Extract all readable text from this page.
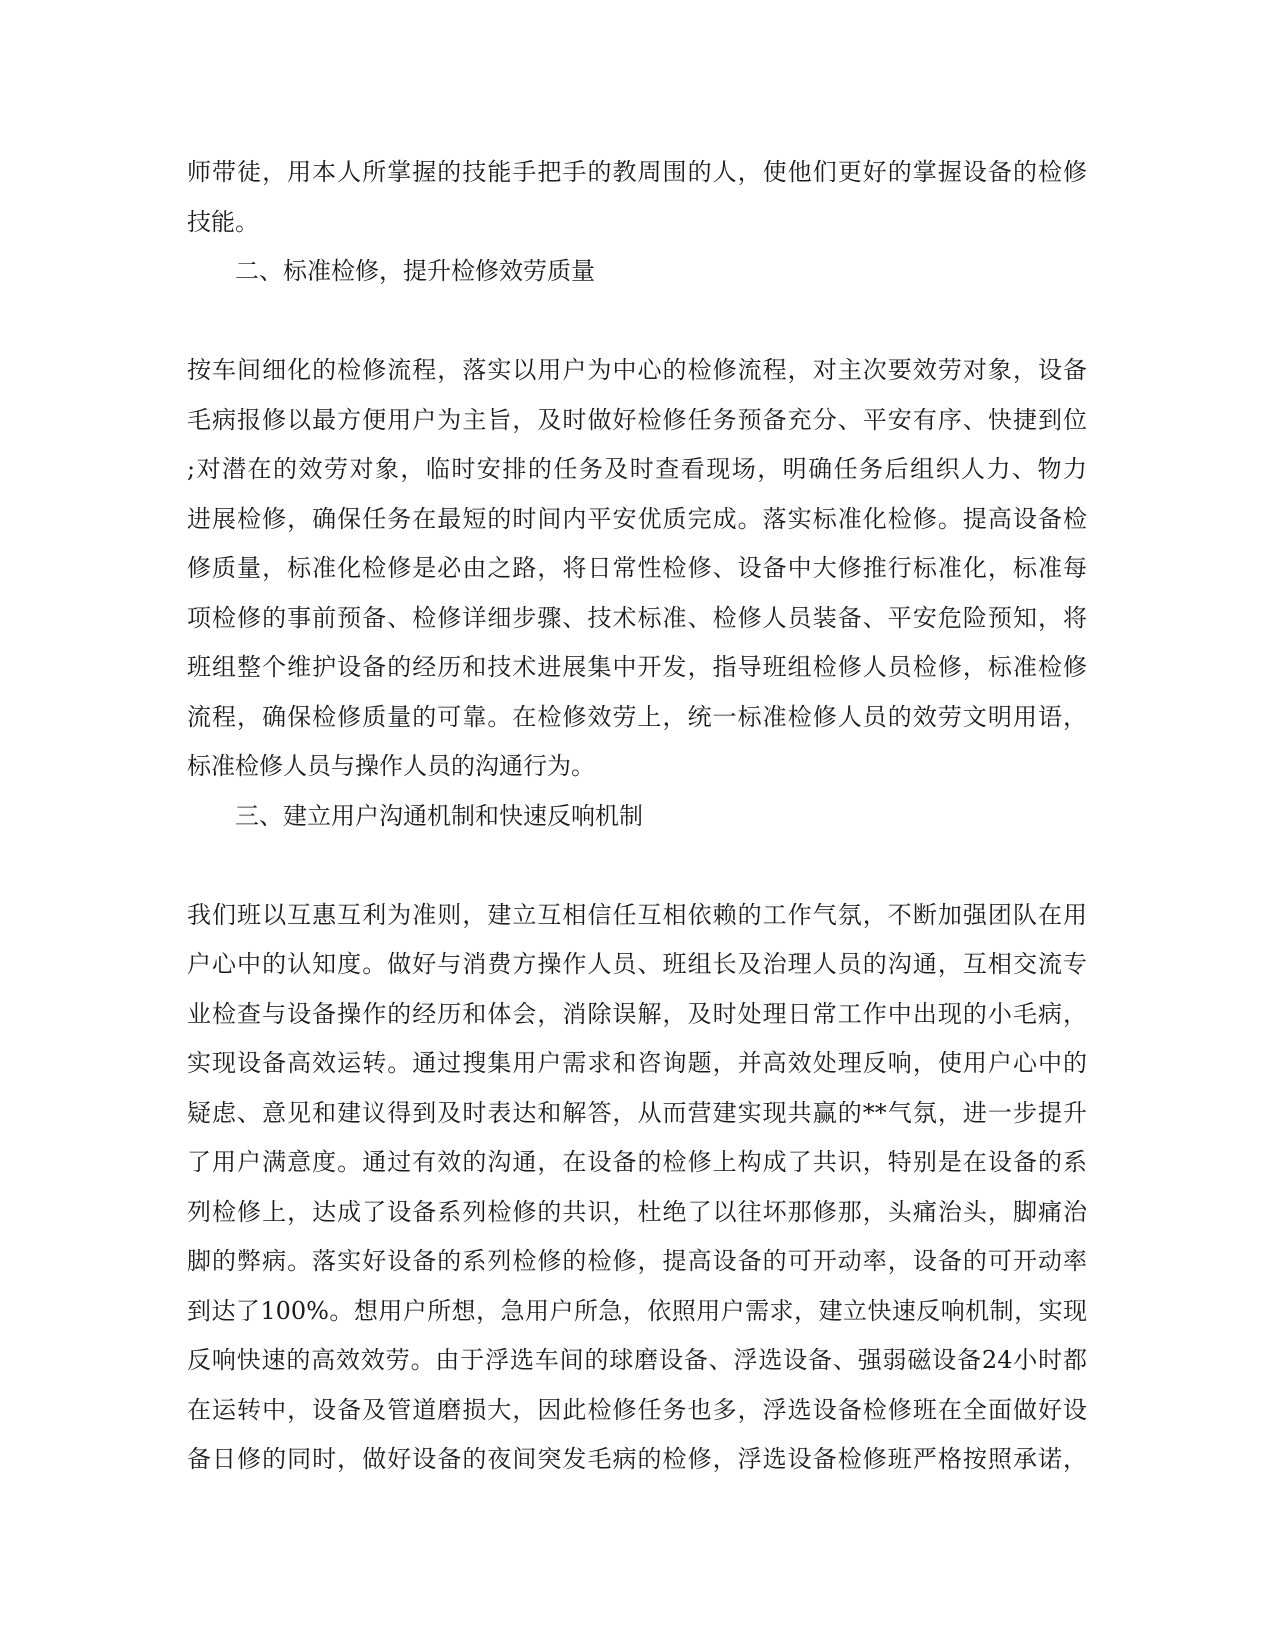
师带徒，用本人所掌握的技能手把手的教周围的人，使他们更好的掌握设备的检修
技能。
二、标准检修，提升检修效劳质量
按车间细化的检修流程，落实以用户为中心的检修流程，对主次要效劳对象，设备
毛病报修以最方便用户为主旨，及时做好检修任务预备充分、平安有序、快捷到位
;对潜在的效劳对象，临时安排的任务及时查看现场，明确任务后组织人力、物力
进展检修，确保任务在最短的时间内平安优质完成。落实标准化检修。提高设备检
修质量，标准化检修是必由之路，将日常性检修、设备中大修推行标准化，标准每
项检修的事前预备、检修详细步骤、技术标准、检修人员装备、平安危险预知，将
班组整个维护设备的经历和技术进展集中开发，指导班组检修人员检修，标准检修
流程，确保检修质量的可靠。在检修效劳上，统一标准检修人员的效劳文明用语，
标准检修人员与操作人员的沟通行为。
三、建立用户沟通机制和快速反响机制
我们班以互惠互利为准则，建立互相信任互相依赖的工作气氛，不断加强团队在用
户心中的认知度。做好与消费方操作人员、班组长及治理人员的沟通，互相交流专
业检查与设备操作的经历和体会，消除误解，及时处理日常工作中出现的小毛病，
实现设备高效运转。通过搜集用户需求和咨询题，并高效处理反响，使用户心中的
疑虑、意见和建议得到及时表达和解答，从而营建实现共赢的**气氛，进一步提升
了用户满意度。通过有效的沟通，在设备的检修上构成了共识，特别是在设备的系
列检修上，达成了设备系列检修的共识，杜绝了以往坏那修那，头痛治头，脚痛治
脚的弊病。落实好设备的系列检修的检修，提高设备的可开动率，设备的可开动率
到达了100%。想用户所想，急用户所急，依照用户需求，建立快速反响机制，实现
反响快速的高效效劳。由于浮选车间的球磨设备、浮选设备、强弱磁设备24小时都
在运转中，设备及管道磨损大，因此检修任务也多，浮选设备检修班在全面做好设
备日修的同时，做好设备的夜间突发毛病的检修，浮选设备检修班严格按照承诺，
